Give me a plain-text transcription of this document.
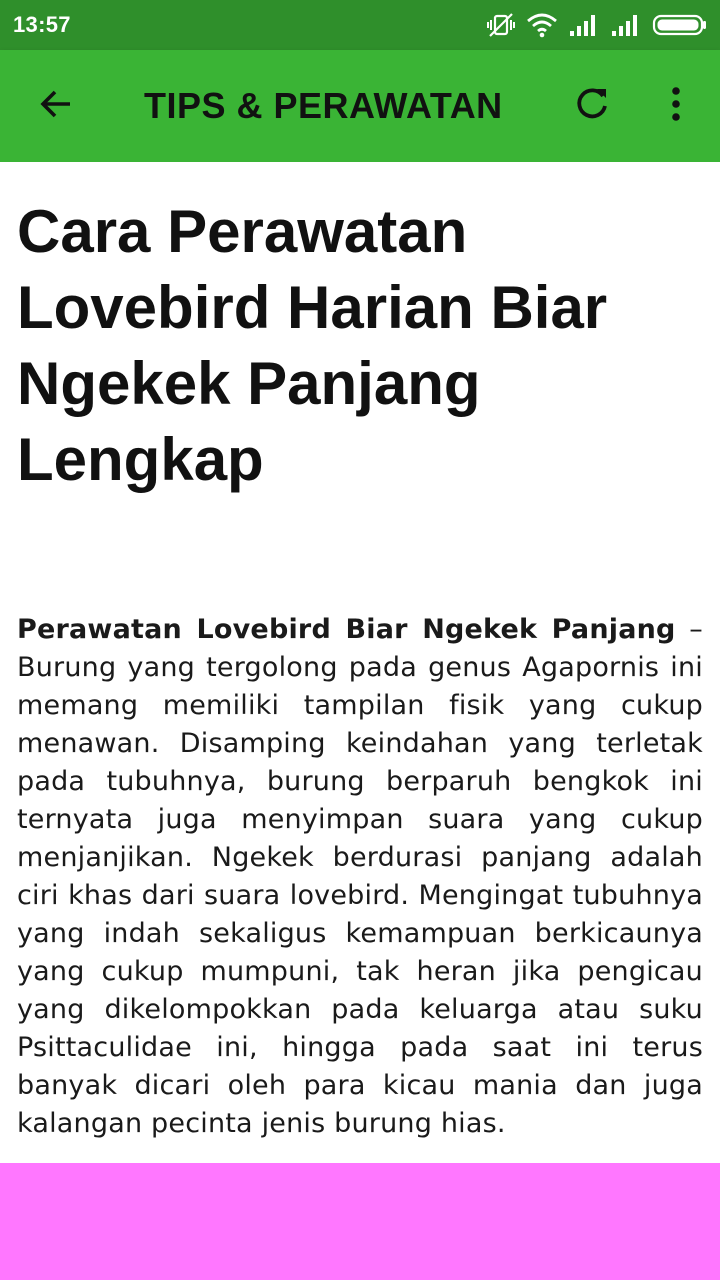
13:57
TIPS & PERAWATAN
Cara Perawatan Lovebird Harian Biar Ngekek Panjang Lengkap

Perawatan Lovebird Biar Ngekek Panjang – Burung yang tergolong pada genus Agapornis ini memang memiliki tampilan fisik yang cukup menawan. Disamping keindahan yang terletak pada tubuhnya, burung berparuh bengkok ini ternyata juga menyimpan suara yang cukup menjanjikan. Ngekek berdurasi panjang adalah ciri khas dari suara lovebird. Mengingat tubuhnya yang indah sekaligus kemampuan berkicaunya yang cukup mumpuni, tak heran jika pengicau yang dikelompokkan pada keluarga atau suku Psittaculidae ini, hingga pada saat ini terus banyak dicari oleh para kicau mania dan juga kalangan pecinta jenis burung hias.
